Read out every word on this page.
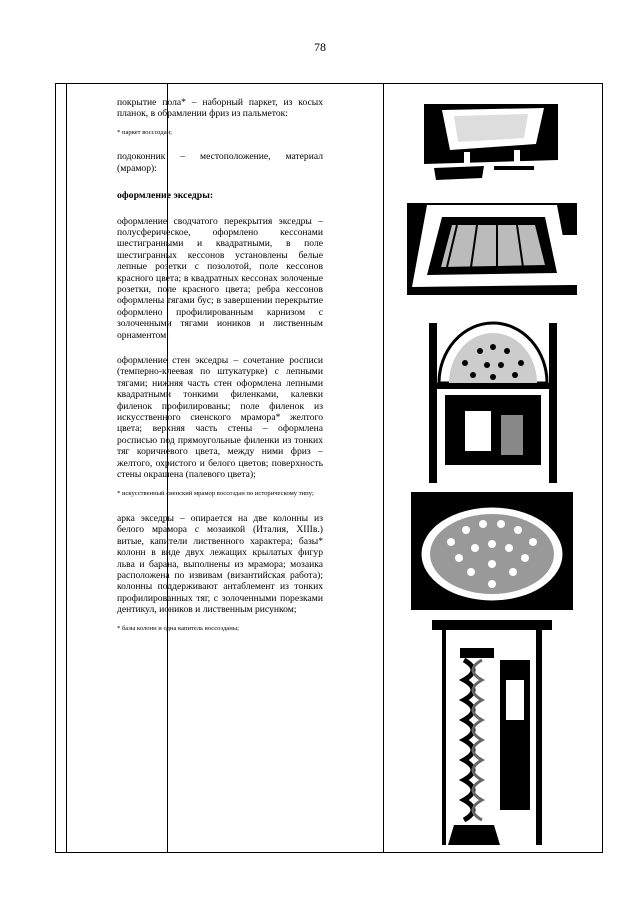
78

покрытие пола* – наборный паркет, из косых планок, в обрамлении фриз из пальметок:

* паркет воссоздан;

подоконник – местоположение, материал (мрамор):

оформление экседры:

оформление сводчатого перекрытия экседры – полусферическое, оформлено кессонами шестигранными и квадратными, в поле шестигранных кессонов установлены белые лепные розетки с позолотой, поле кессонов красного цвета; в квадратных кессонах золоченые розетки, поле красного цвета; ребра кессонов оформлены тягами бус; в завершении перекрытие оформлено профилированным карнизом с золоченными тягами иоников и лиственным орнаментом;

оформление стен экседры – сочетание росписи (темперно-клеевая по штукатурке) с лепными тягами; нижняя часть стен оформлена лепными квадратными тонкими филенками, калевки филенок профилированы; поле филенок из искусственного сиенского мрамора* желтого цвета; верхняя часть стены – оформлена росписью под прямоугольные филенки из тонких тяг коричневого цвета, между ними фриз – желтого, охристого и белого цветов; поверхность стены окрашена (палевого цвета);

* искусственный сиенский мрамор воссоздан по историческому типу;

арка экседры – опирается на две колонны из белого мрамора с мозаикой (Италия, XIIIв.) витые, капители лиственного характера; базы* колонн в виде двух лежащих крылатых фигур льва и барана, выполнены из мрамора; мозаика расположена по извивам (византийская работа); колонны поддерживают антаблемент из тонких профилированных тяг, с золоченными порезками дентикул, иоников и лиственным рисунком;

* базы колонн и одна капитель воссозданы;
